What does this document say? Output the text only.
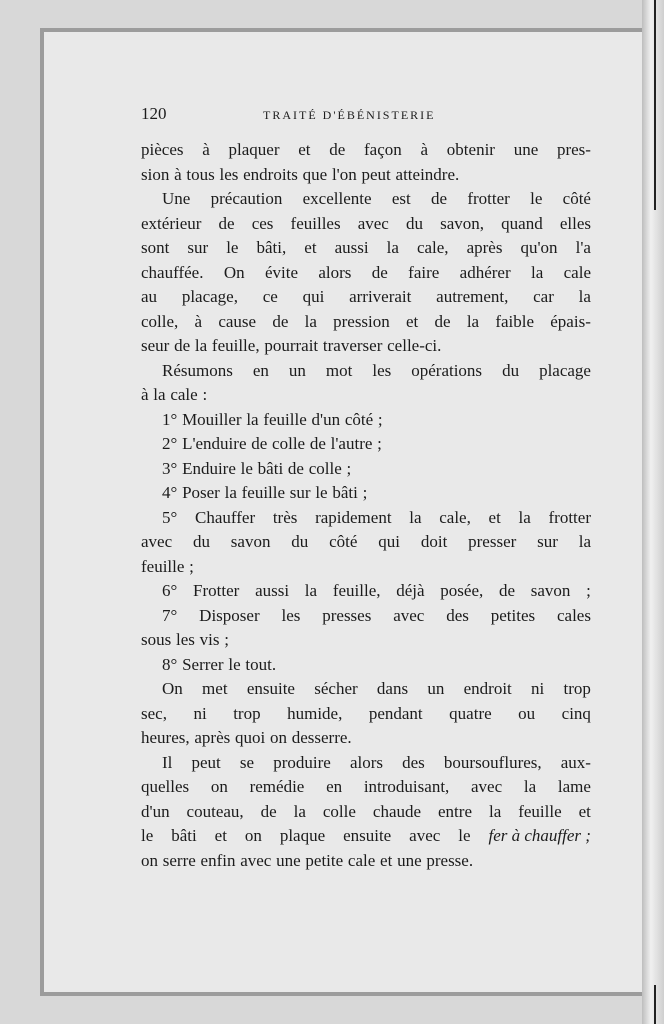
120	TRAITÉ D'ÉBÉNISTERIE
pièces à plaquer et de façon à obtenir une pres-
sion à tous les endroits que l'on peut atteindre.
Une précaution excellente est de frotter le côté
extérieur de ces feuilles avec du savon, quand elles
sont sur le bâti, et aussi la cale, après qu'on l'a
chauffée. On évite alors de faire adhérer la cale
au placage, ce qui arriverait autrement, car la
colle, à cause de la pression et de la faible épais-
seur de la feuille, pourrait traverser celle-ci.
Résumons en un mot les opérations du placage
à la cale :
1° Mouiller la feuille d'un côté ;
2° L'enduire de colle de l'autre ;
3° Enduire le bâti de colle ;
4° Poser la feuille sur le bâti ;
5° Chauffer très rapidement la cale, et la frotter
avec du savon du côté qui doit presser sur la
feuille ;
6° Frotter aussi la feuille, déjà posée, de savon ;
7° Disposer les presses avec des petites cales
sous les vis ;
8° Serrer le tout.
On met ensuite sécher dans un endroit ni trop
sec, ni trop humide, pendant quatre ou cinq
heures, après quoi on desserre.
Il peut se produire alors des boursouflures, aux-
quelles on remédie en introduisant, avec la lame
d'un couteau, de la colle chaude entre la feuille et
le bâti et on plaque ensuite avec le fer à chauffer ;
on serre enfin avec une petite cale et une presse.
